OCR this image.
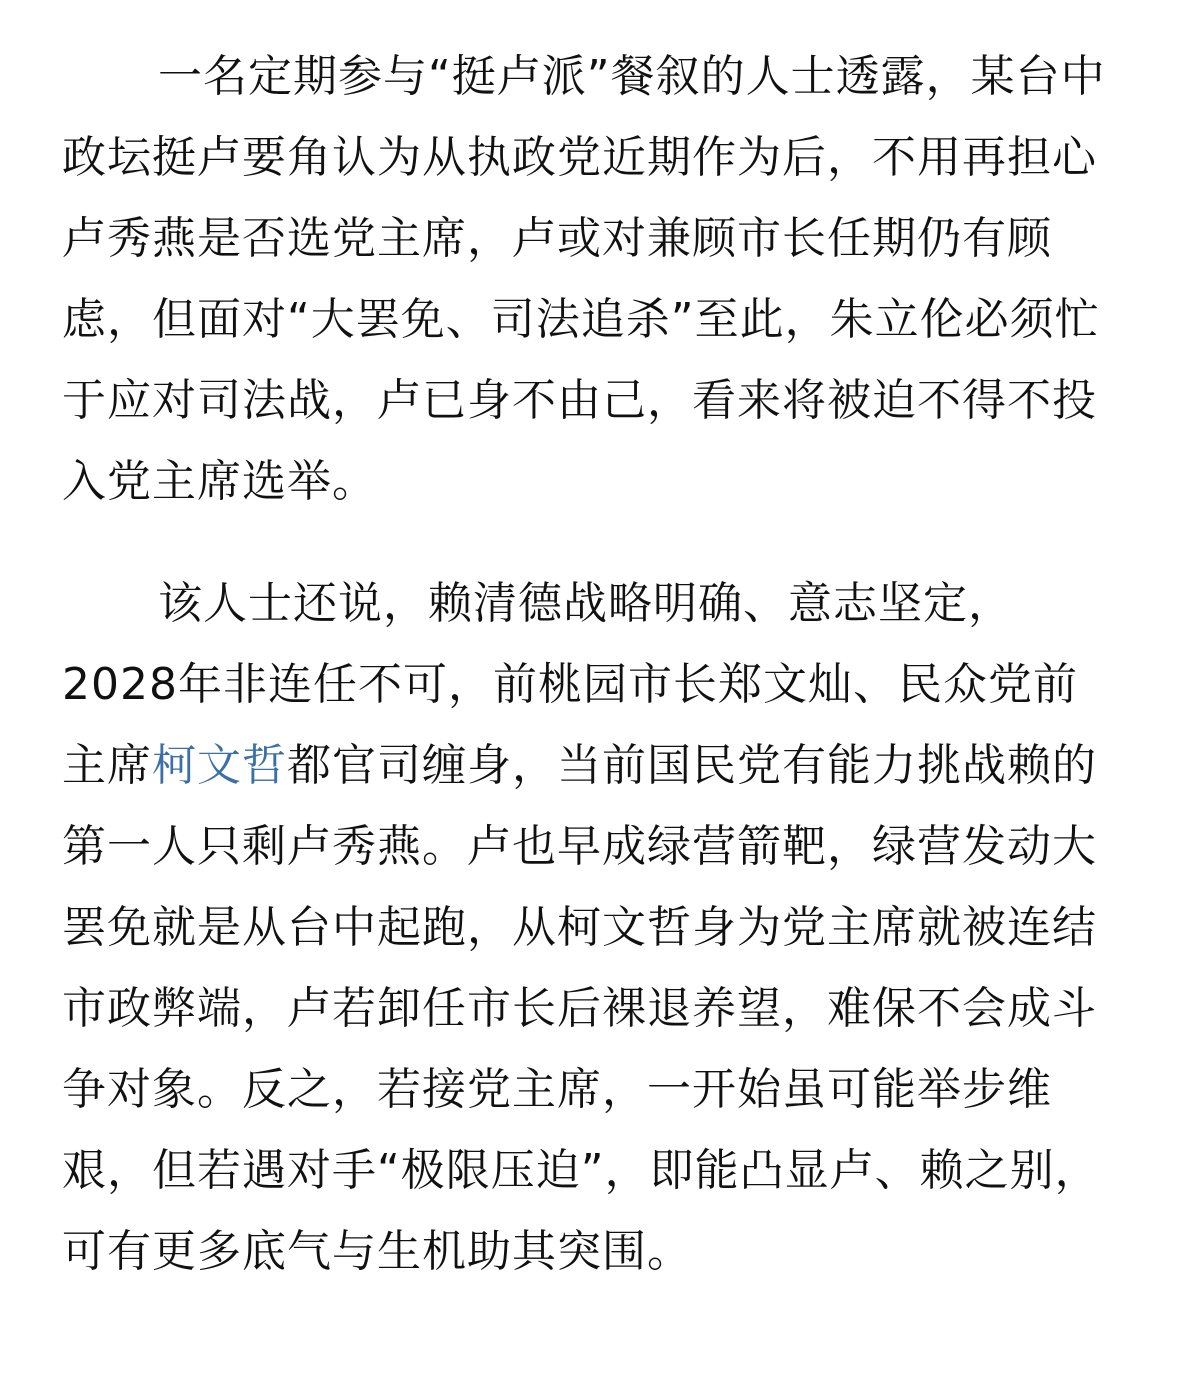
一名定期参与“挺卢派”餐叙的人士透露，某台中政坛挺卢要角认为从执政党近期作为后，不用再担心卢秀燕是否选党主席，卢或对兼顾市长任期仍有顾虑，但面对“大罢免、司法追杀”至此，朱立伦必须忙于应对司法战，卢已身不由己，看来将被迫不得不投入党主席选举。

该人士还说，赖清德战略明确、意志坚定，2028年非连任不可，前桃园市长郑文灿、民众党前主席柯文哲都官司缠身，当前国民党有能力挑战赖的第一人只剩卢秀燕。卢也早成绿营箭靶，绿营发动大罢免就是从台中起跑，从柯文哲身为党主席就被连结市政弊端，卢若卸任市长后裸退养望，难保不会成斗争对象。反之，若接党主席，一开始虽可能举步维艰，但若遇对手“极限压迫”，即能凸显卢、赖之别，可有更多底气与生机助其突围。
